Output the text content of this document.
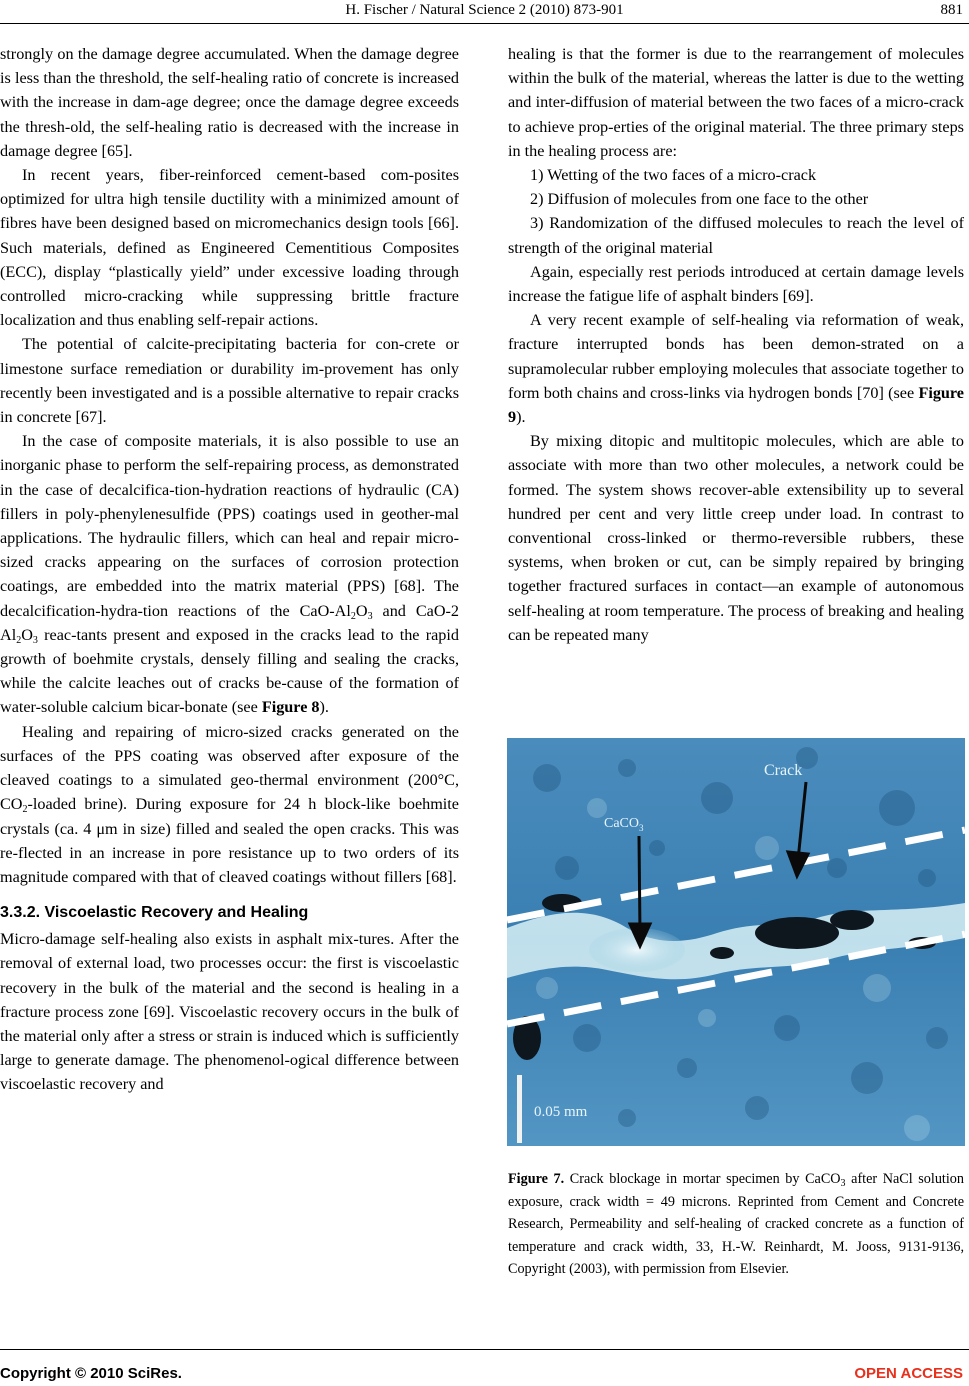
H. Fischer / Natural Science 2 (2010) 873-901	881

strongly on the damage degree accumulated. When the damage degree is less than the threshold, the self-healing ratio of concrete is increased with the increase in dam-age degree; once the damage degree exceeds the thresh-old, the self-healing ratio is decreased with the increase in damage degree [65].

In recent years, fiber-reinforced cement-based com-posites optimized for ultra high tensile ductility with a minimized amount of fibres have been designed based on micromechanics design tools [66]. Such materials, defined as Engineered Cementitious Composites (ECC), display “plastically yield” under excessive loading through controlled micro-cracking while suppressing brittle fracture localization and thus enabling self-repair actions.

The potential of calcite-precipitating bacteria for con-crete or limestone surface remediation or durability im-provement has only recently been investigated and is a possible alternative to repair cracks in concrete [67].

In the case of composite materials, it is also possible to use an inorganic phase to perform the self-repairing process, as demonstrated in the case of decalcifica-tion-hydration reactions of hydraulic (CA) fillers in poly-phenylenesulfide (PPS) coatings used in geother-mal applications. The hydraulic fillers, which can heal and repair micro-sized cracks appearing on the surfaces of corrosion protection coatings, are embedded into the matrix material (PPS) [68]. The decalcification-hydra-tion reactions of the CaO-$Al_2O_3$ and CaO-2 $Al_2O_3$ reac-tants present and exposed in the cracks lead to the rapid growth of boehmite crystals, densely filling and sealing the cracks, while the calcite leaches out of cracks be-cause of the formation of water-soluble calcium bicar-bonate (see Figure 8).

Healing and repairing of micro-sized cracks generated on the surfaces of the PPS coating was observed after exposure of the cleaved coatings to a simulated geo-thermal environment (200°C, $CO_2$-loaded brine). During exposure for 24 h block-like boehmite crystals (ca. 4 μm in size) filled and sealed the open cracks. This was re-flected in an increase in pore resistance up to two orders of its magnitude compared with that of cleaved coatings without fillers [68].

3.3.2. Viscoelastic Recovery and Healing

Micro-damage self-healing also exists in asphalt mix-tures. After the removal of external load, two processes occur: the first is viscoelastic recovery in the bulk of the material and the second is healing in a fracture process zone [69]. Viscoelastic recovery occurs in the bulk of the material only after a stress or strain is induced which is sufficiently large to generate damage. The phenomenol-ogical difference between viscoelastic recovery and

healing is that the former is due to the rearrangement of molecules within the bulk of the material, whereas the latter is due to the wetting and inter-diffusion of material between the two faces of a micro-crack to achieve prop-erties of the original material. The three primary steps in the healing process are:

1) Wetting of the two faces of a micro-crack

2) Diffusion of molecules from one face to the other

3) Randomization of the diffused molecules to reach the level of strength of the original material

Again, especially rest periods introduced at certain damage levels increase the fatigue life of asphalt binders [69].

A very recent example of self-healing via reformation of weak, fracture interrupted bonds has been demon-strated on a supramolecular rubber employing molecules that associate together to form both chains and cross-links via hydrogen bonds [70] (see Figure 9).

By mixing ditopic and multitopic molecules, which are able to associate with more than two other molecules, a network could be formed. The system shows recover-able extensibility up to several hundred per cent and very little creep under load. In contrast to conventional cross-linked or thermo-reversible rubbers, these systems, when broken or cut, can be simply repaired by bringing together fractured surfaces in contact―an example of autonomous self-healing at room temperature. The process of breaking and healing can be repeated many

Crack
CaCO$_3$
0.05 mm
Figure 7. Crack blockage in mortar specimen by CaCO$_3$ after NaCl solution exposure, crack width = 49 microns. Reprinted from Cement and Concrete Research, Permeability and self-healing of cracked concrete as a function of temperature and crack width, 33, H.-W. Reinhardt, M. Jooss, 9131-9136, Copyright (2003), with permission from Elsevier.
Copyright © 2010 SciRes.	OPEN ACCESS
